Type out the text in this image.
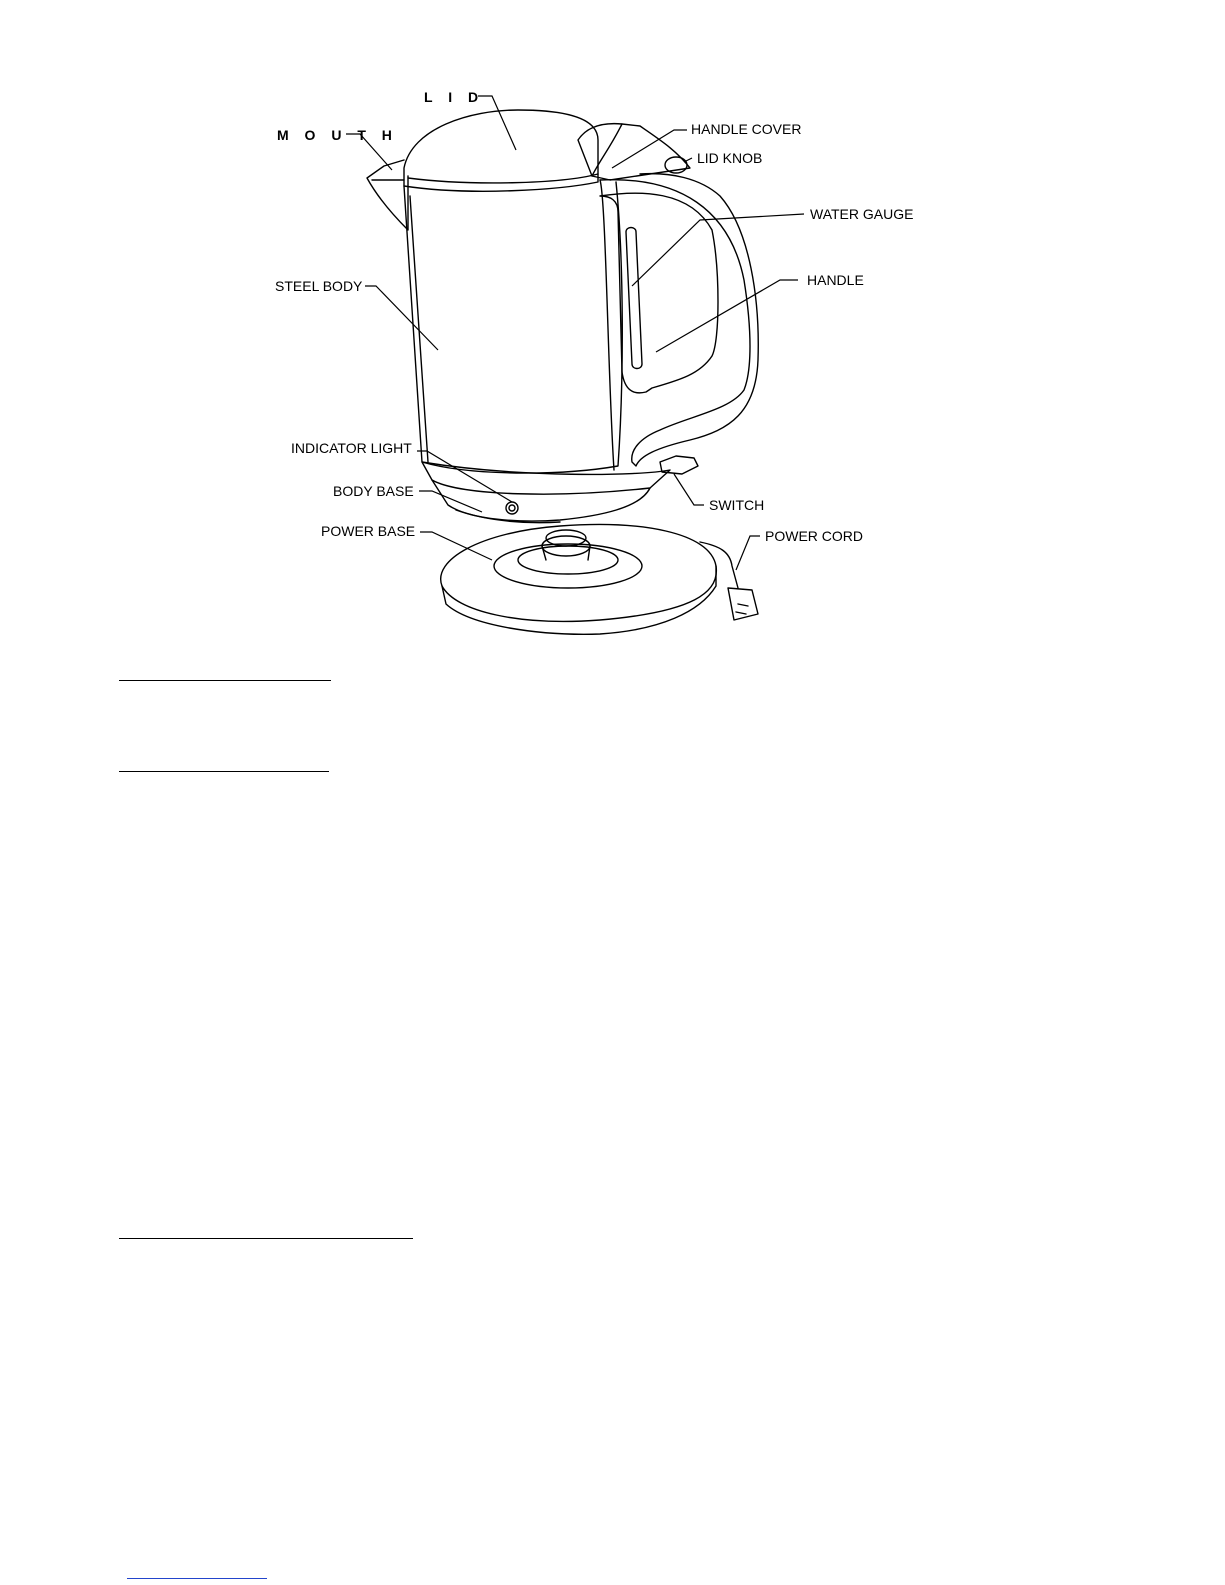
L I D
M O U T H	HANDLE COVER
LID KNOB
WATER GAUGE
HANDLE
STEEL BODY
INDICATOR LIGHT
BODY BASE
SWITCH
POWER BASE	POWER CORD
